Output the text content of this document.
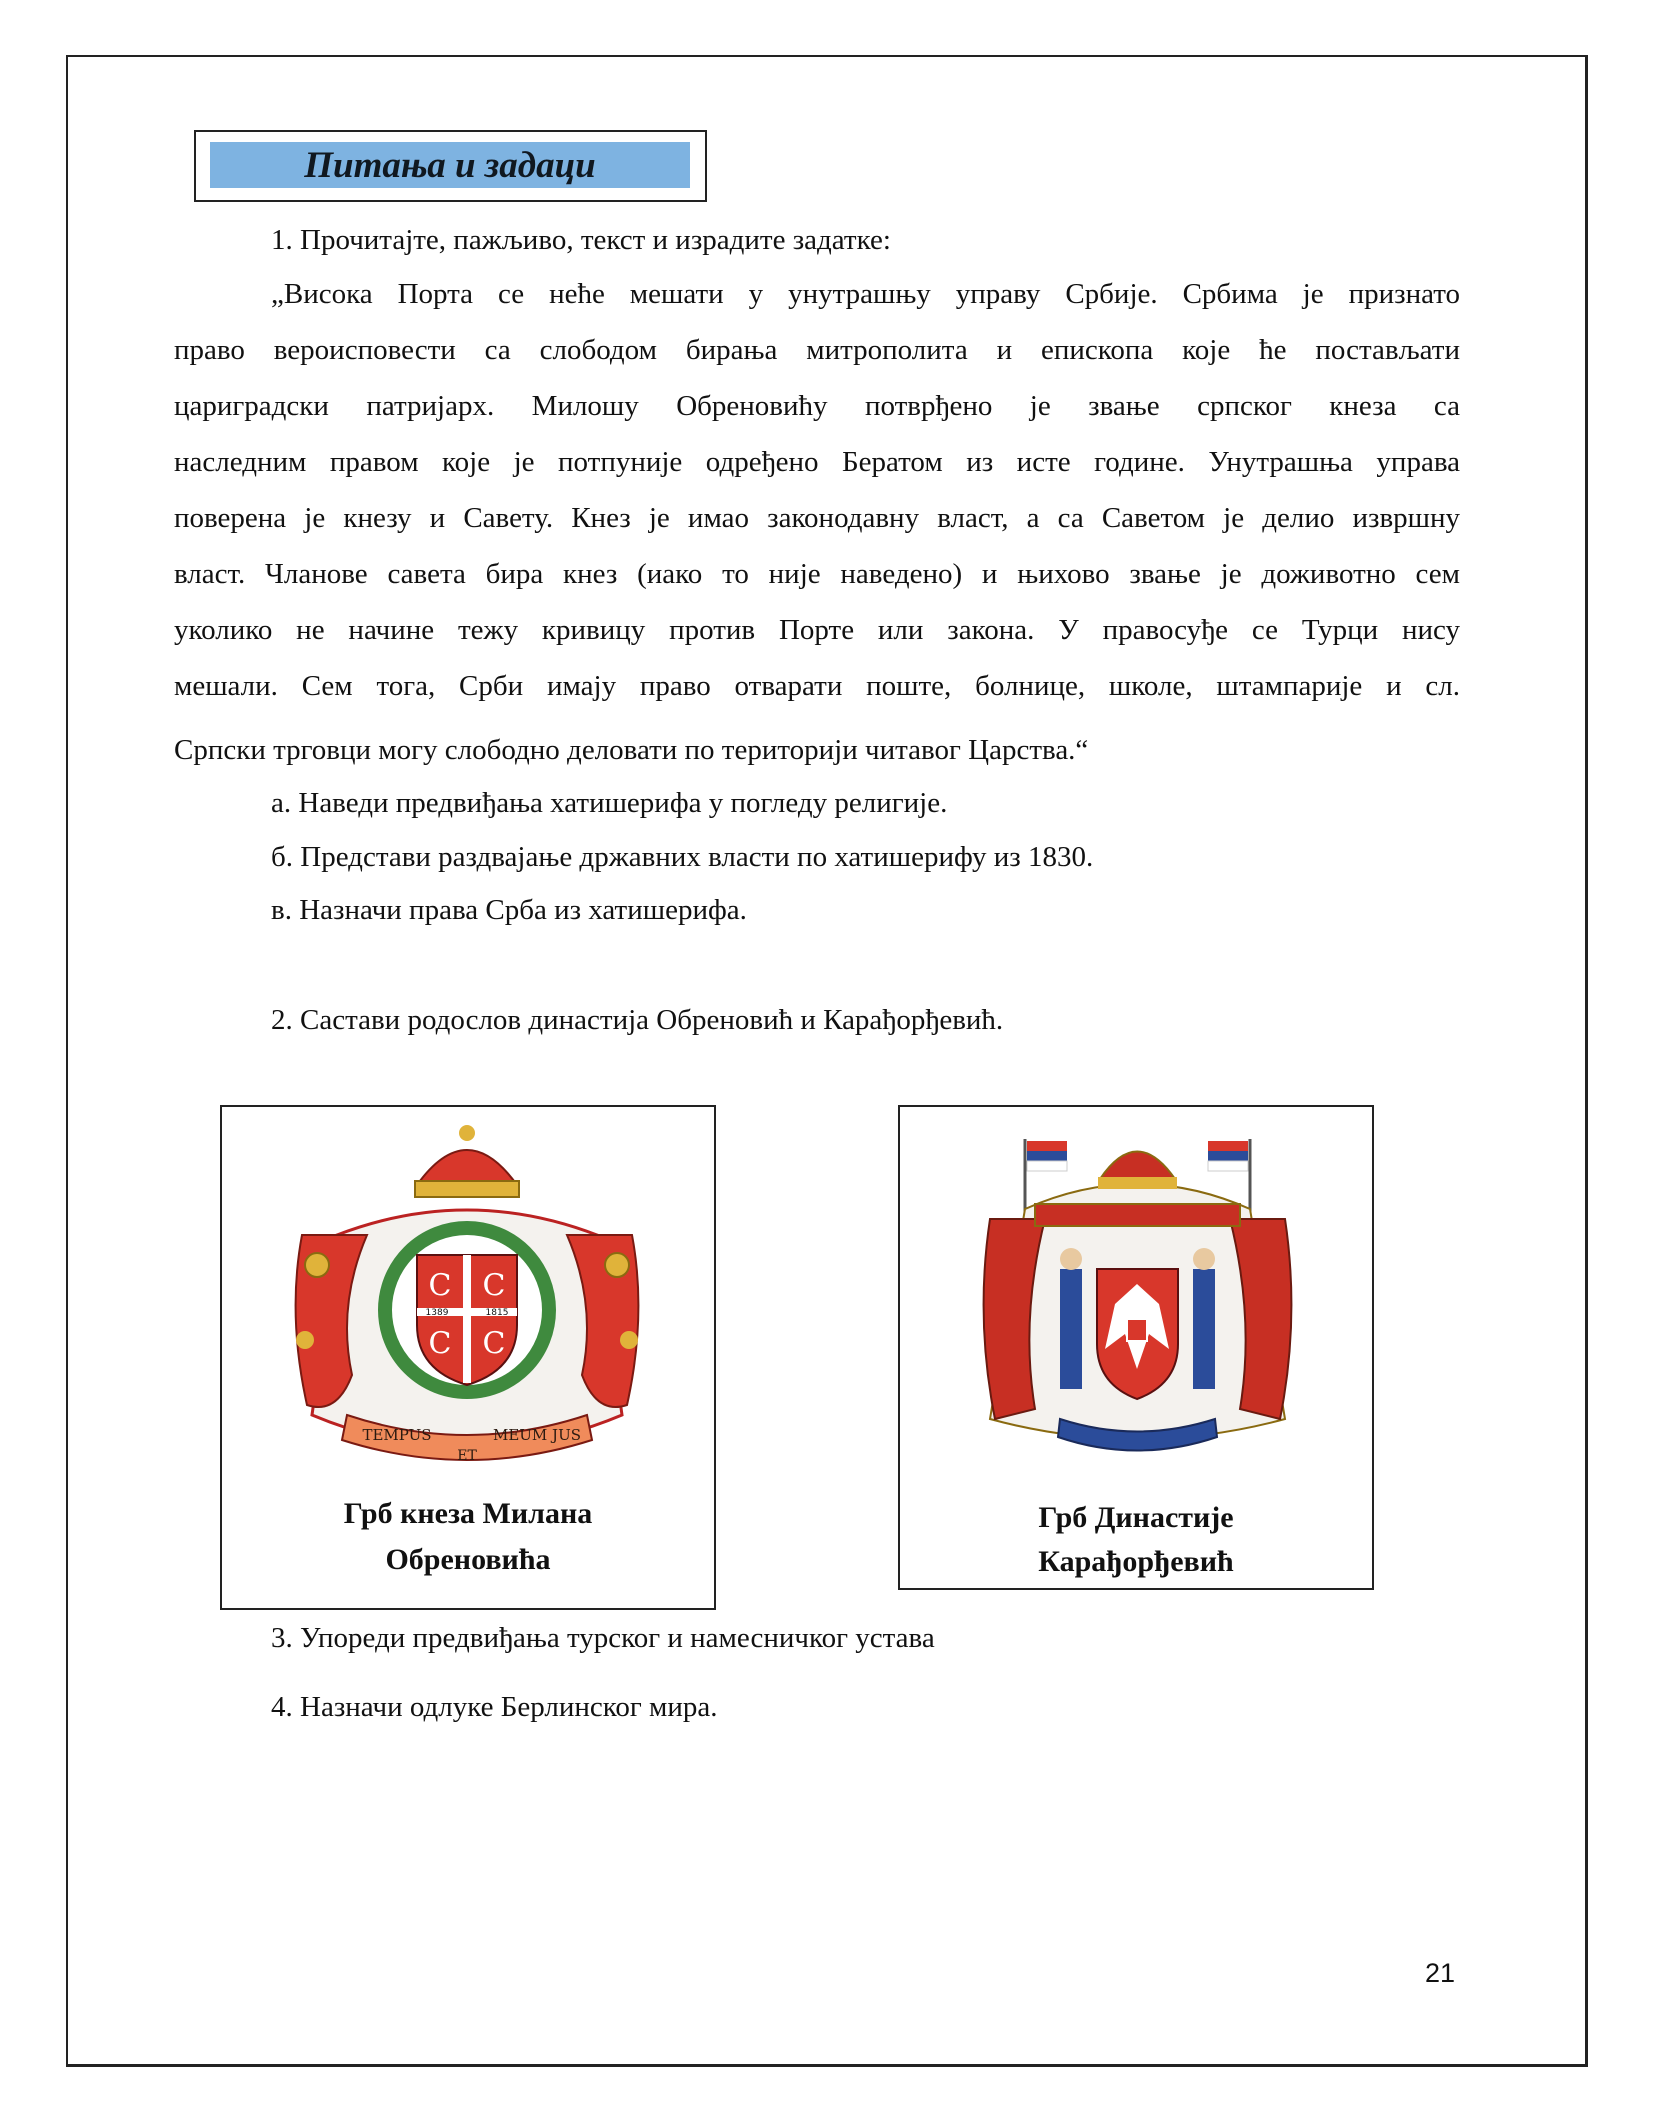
Питања и задаци
1. Прочитајте, пажљиво, текст и израдите задатке:
„Висока Порта се неће мешати у унутрашњу управу Србије. Србима је признато
право вероисповести са слободом бирања митрополита и епископа које ће постављати
цариградски патријарх. Милошу Обреновићу потврђено је звање српског кнеза са
наследним правом које је потпуније одређено Бератом из исте године. Унутрашња управа
поверена је кнезу и Савету. Кнез је имао законодавну власт, а са Саветом је делио извршну
власт. Чланове савета бира кнез (иако то није наведено) и њихово звање је доживотно сем
уколико не начине тежу кривицу против Порте или закона. У правосуђе се Турци нису
мешали. Сем тога, Срби имају право отварати поште, болнице, школе, штампарије и сл.
Српски трговци могу слободно деловати по територији читавог Царства.“
а. Наведи предвиђања хатишерифа у погледу религије.
б. Представи раздвајање државних власти по хатишерифу из 1830.
в. Назначи права Срба из хатишерифа.
2. Састави родослов династија Обреновић и Карађорђевић.
С С
С С
1389	1815
TEMPUS
ET
MEUM JUS
Грб кнеза Милана
Обреновића
Грб Династије
Карађорђевић
3. Упореди предвиђања турског и намесничког устава
4. Назначи одлуке Берлинског мира.
21
